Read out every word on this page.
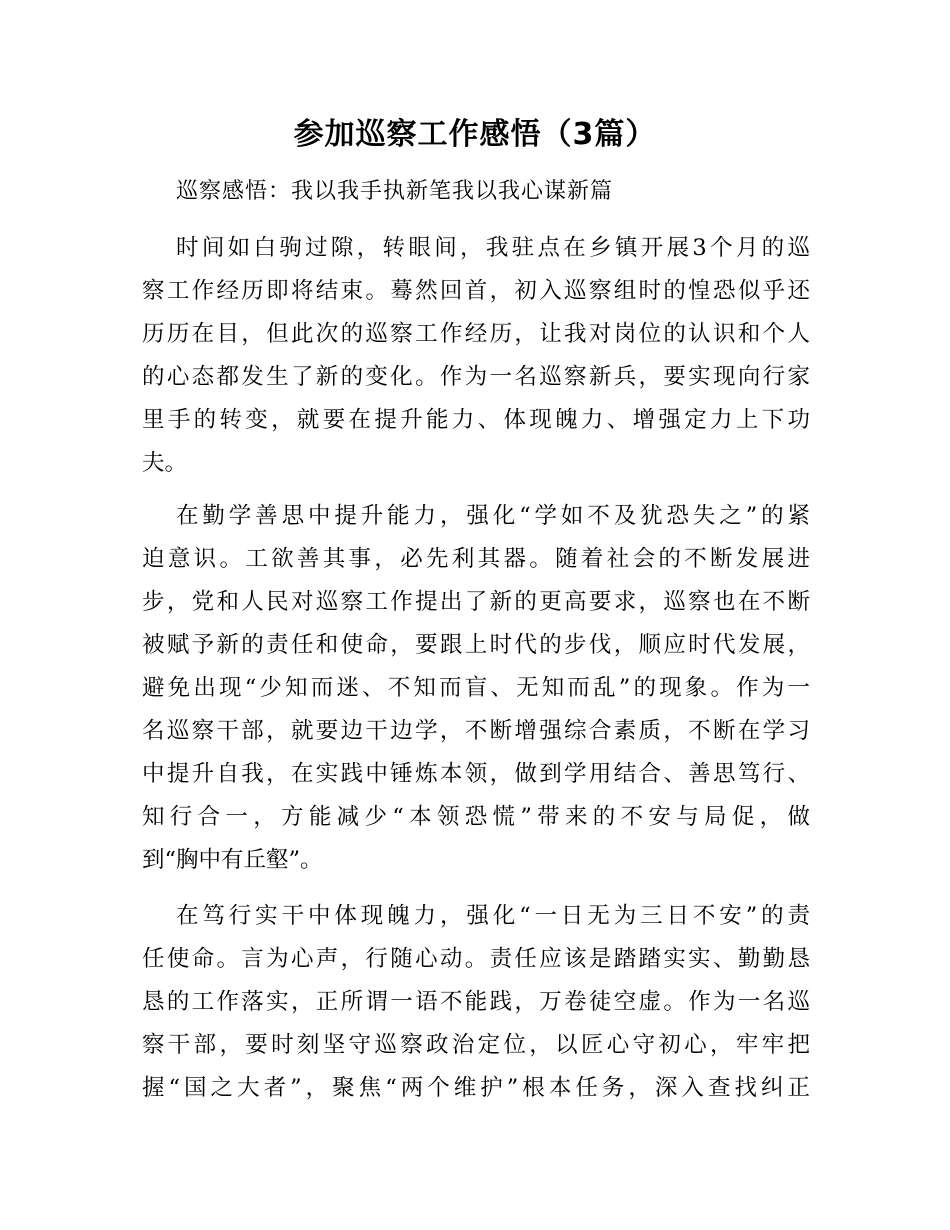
参加巡察工作感悟（3篇）
巡察感悟：我以我手执新笔我以我心谋新篇
时间如白驹过隙，转眼间，我驻点在乡镇开展3个月的巡
察工作经历即将结束。蓦然回首，初入巡察组时的惶恐似乎还
历历在目，但此次的巡察工作经历，让我对岗位的认识和个人
的心态都发生了新的变化。作为一名巡察新兵，要实现向行家
里手的转变，就要在提升能力、体现魄力、增强定力上下功
夫。
在勤学善思中提升能力，强化“学如不及犹恐失之”的紧
迫意识。工欲善其事，必先利其器。随着社会的不断发展进
步，党和人民对巡察工作提出了新的更高要求，巡察也在不断
被赋予新的责任和使命，要跟上时代的步伐，顺应时代发展，
避免出现“少知而迷、不知而盲、无知而乱”的现象。作为一
名巡察干部，就要边干边学，不断增强综合素质，不断在学习
中提升自我，在实践中锤炼本领，做到学用结合、善思笃行、
知行合一，方能减少“本领恐慌”带来的不安与局促，做
到“胸中有丘壑”。
在笃行实干中体现魄力，强化“一日无为三日不安”的责
任使命。言为心声，行随心动。责任应该是踏踏实实、勤勤恳
恳的工作落实，正所谓一语不能践，万卷徒空虚。作为一名巡
察干部，要时刻坚守巡察政治定位，以匠心守初心，牢牢把
握“国之大者”，聚焦“两个维护”根本任务，深入查找纠正
